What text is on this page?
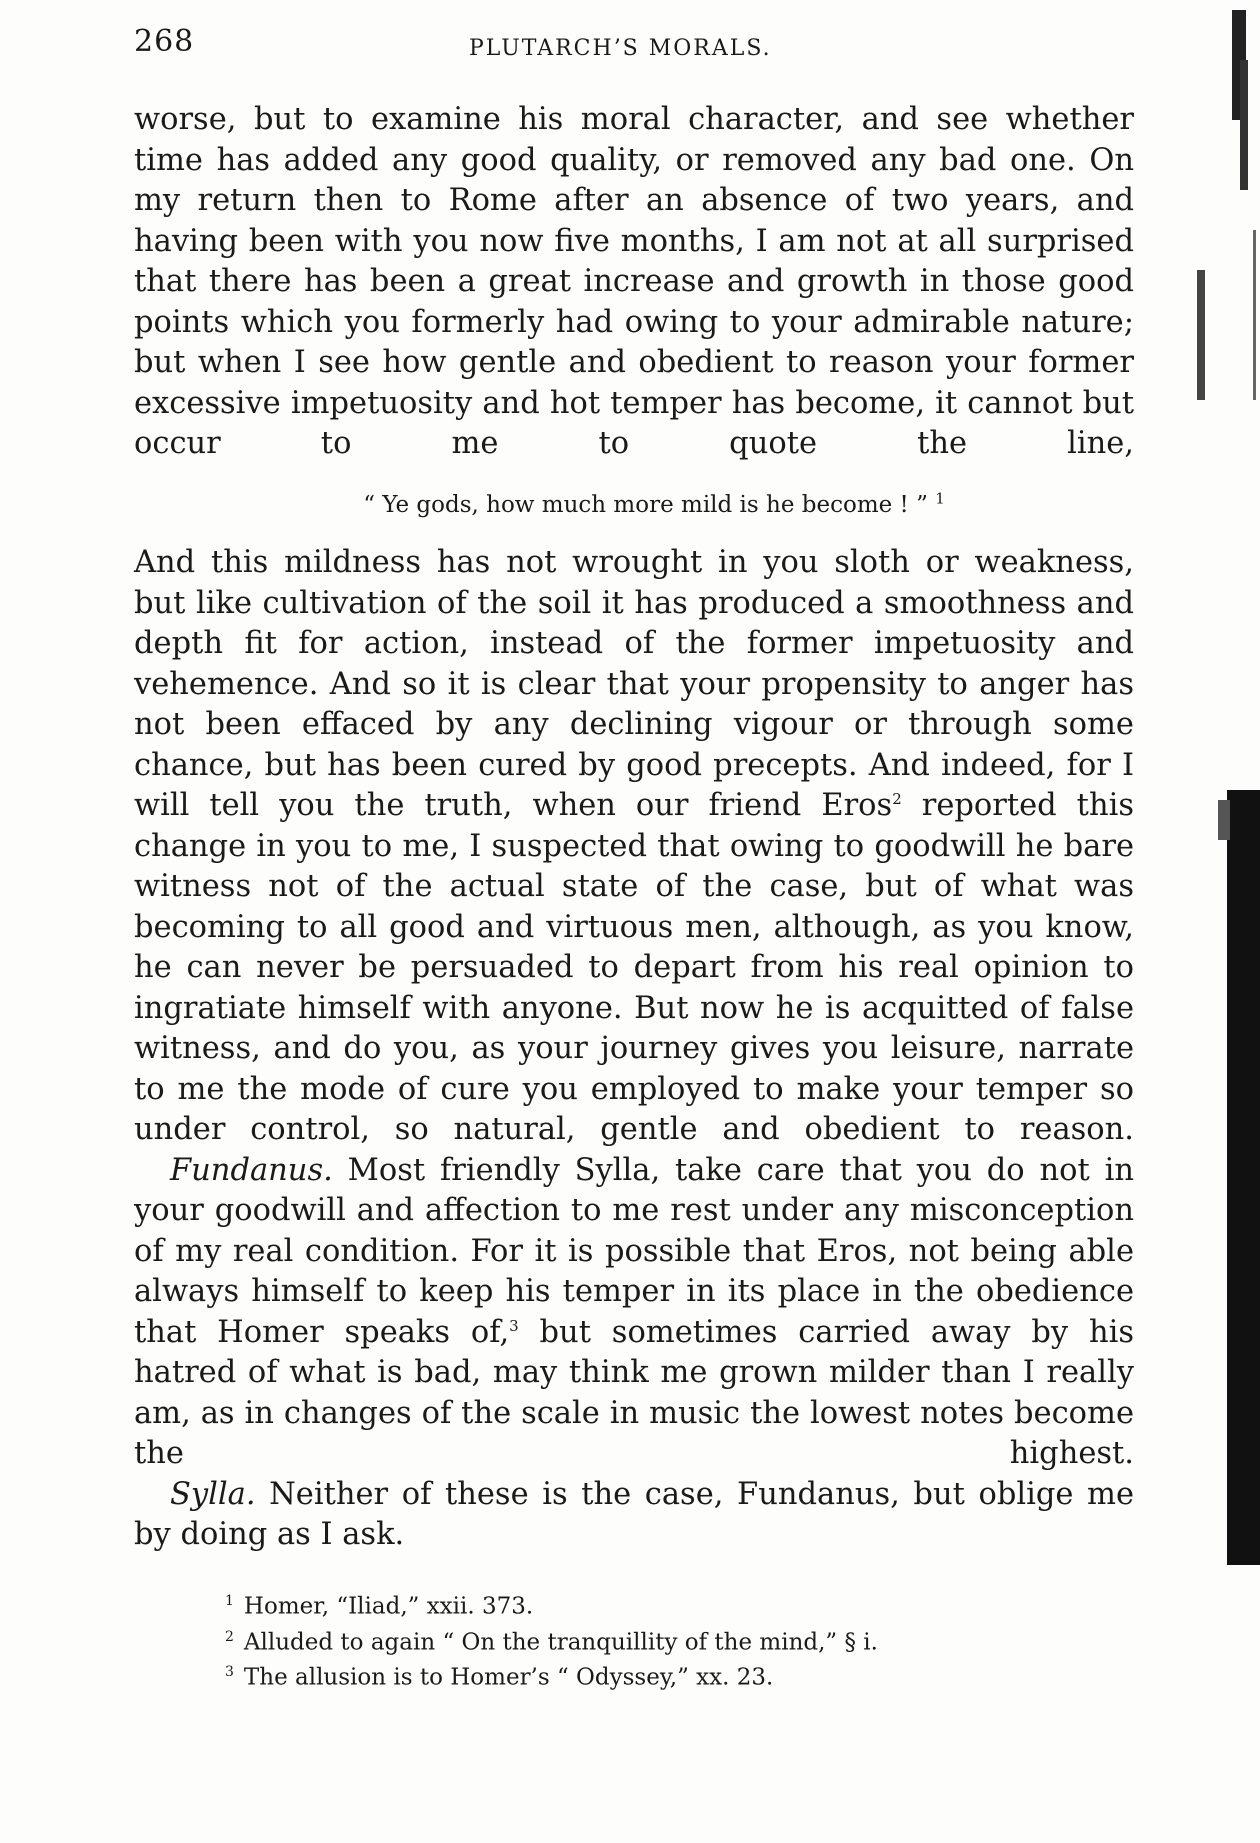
268	PLUTARCH’S MORALS.

worse, but to examine his moral character, and see whether time has added any good quality, or removed any bad one. On my return then to Rome after an absence of two years, and having been with you now five months, I am not at all surprised that there has been a great increase and growth in those good points which you formerly had owing to your admirable nature; but when I see how gentle and obedient to reason your former excessive impetuosity and hot temper has become, it cannot but occur to me to quote the line,

“ Ye gods, how much more mild is he become ! ” $^1$

And this mildness has not wrought in you sloth or weakness, but like cultivation of the soil it has produced a smoothness and depth fit for action, instead of the former impetuosity and vehemence. And so it is clear that your propensity to anger has not been effaced by any declining vigour or through some chance, but has been cured by good precepts. And indeed, for I will tell you the truth, when our friend Eros$^2$ reported this change in you to me, I suspected that owing to goodwill he bare witness not of the actual state of the case, but of what was becoming to all good and virtuous men, although, as you know, he can never be persuaded to depart from his real opinion to ingratiate himself with anyone. But now he is acquitted of false witness, and do you, as your journey gives you leisure, narrate to me the mode of cure you employed to make your temper so under control, so natural, gentle and obedient to reason.

Fundanus. Most friendly Sylla, take care that you do not in your goodwill and affection to me rest under any misconception of my real condition. For it is possible that Eros, not being able always himself to keep his temper in its place in the obedience that Homer speaks of,$^3$ but sometimes carried away by his hatred of what is bad, may think me grown milder than I really am, as in changes of the scale in music the lowest notes become the highest.

Sylla. Neither of these is the case, Fundanus, but oblige me by doing as I ask.

$^1$ Homer, “Iliad,” xxii. 373.
$^2$ Alluded to again “ On the tranquillity of the mind,” § i.
$^3$ The allusion is to Homer’s “ Odyssey,” xx. 23.
